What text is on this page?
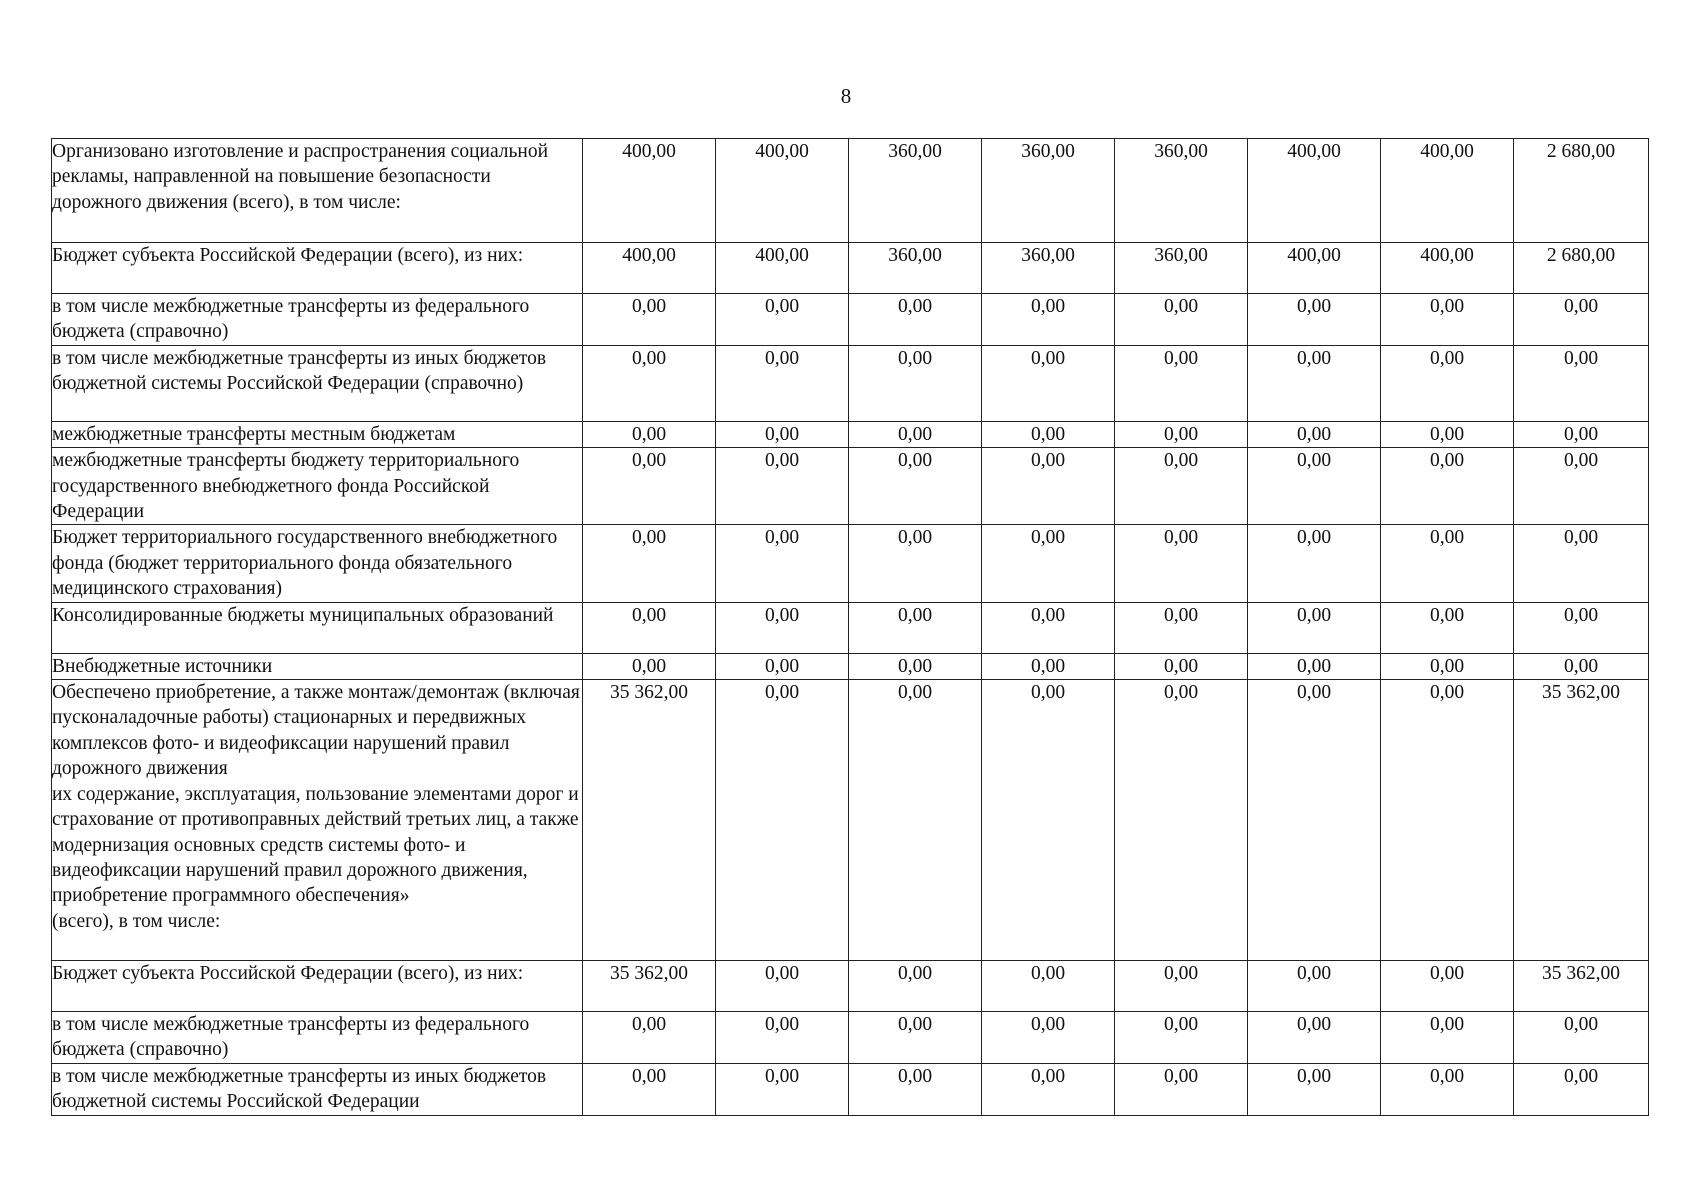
8
Организовано изготовление и распространения социальной рекламы, направленной на повышение безопасности дорожного движения (всего), в том числе:	400,00	400,00	360,00	360,00	360,00	400,00	400,00	2 680,00
Бюджет субъекта Российской Федерации (всего), из них:	400,00	400,00	360,00	360,00	360,00	400,00	400,00	2 680,00
в том числе межбюджетные трансферты из федерального бюджета (справочно)	0,00	0,00	0,00	0,00	0,00	0,00	0,00	0,00
в том числе межбюджетные трансферты из иных бюджетов бюджетной системы Российской Федерации (справочно)	0,00	0,00	0,00	0,00	0,00	0,00	0,00	0,00
межбюджетные трансферты местным бюджетам	0,00	0,00	0,00	0,00	0,00	0,00	0,00	0,00
межбюджетные трансферты бюджету территориального государственного внебюджетного фонда Российской Федерации	0,00	0,00	0,00	0,00	0,00	0,00	0,00	0,00
Бюджет территориального государственного внебюджетного фонда (бюджет территориального фонда обязательного медицинского страхования)	0,00	0,00	0,00	0,00	0,00	0,00	0,00	0,00
Консолидированные бюджеты муниципальных образований	0,00	0,00	0,00	0,00	0,00	0,00	0,00	0,00
Внебюджетные источники	0,00	0,00	0,00	0,00	0,00	0,00	0,00	0,00
Обеспечено приобретение, а также монтаж/демонтаж (включая пусконаладочные работы) стационарных и передвижных комплексов фото- и видеофиксации нарушений правил дорожного движения
их содержание, эксплуатация, пользование элементами дорог и страхование от противоправных действий третьих лиц, а также модернизация основных средств системы фото- и видеофиксации нарушений правил дорожного движения, приобретение программного обеспечения»
(всего), в том числе:	35 362,00	0,00	0,00	0,00	0,00	0,00	0,00	35 362,00
Бюджет субъекта Российской Федерации (всего), из них:	35 362,00	0,00	0,00	0,00	0,00	0,00	0,00	35 362,00
в том числе межбюджетные трансферты из федерального бюджета (справочно)	0,00	0,00	0,00	0,00	0,00	0,00	0,00	0,00
в том числе межбюджетные трансферты из иных бюджетов бюджетной системы Российской Федерации	0,00	0,00	0,00	0,00	0,00	0,00	0,00	0,00
